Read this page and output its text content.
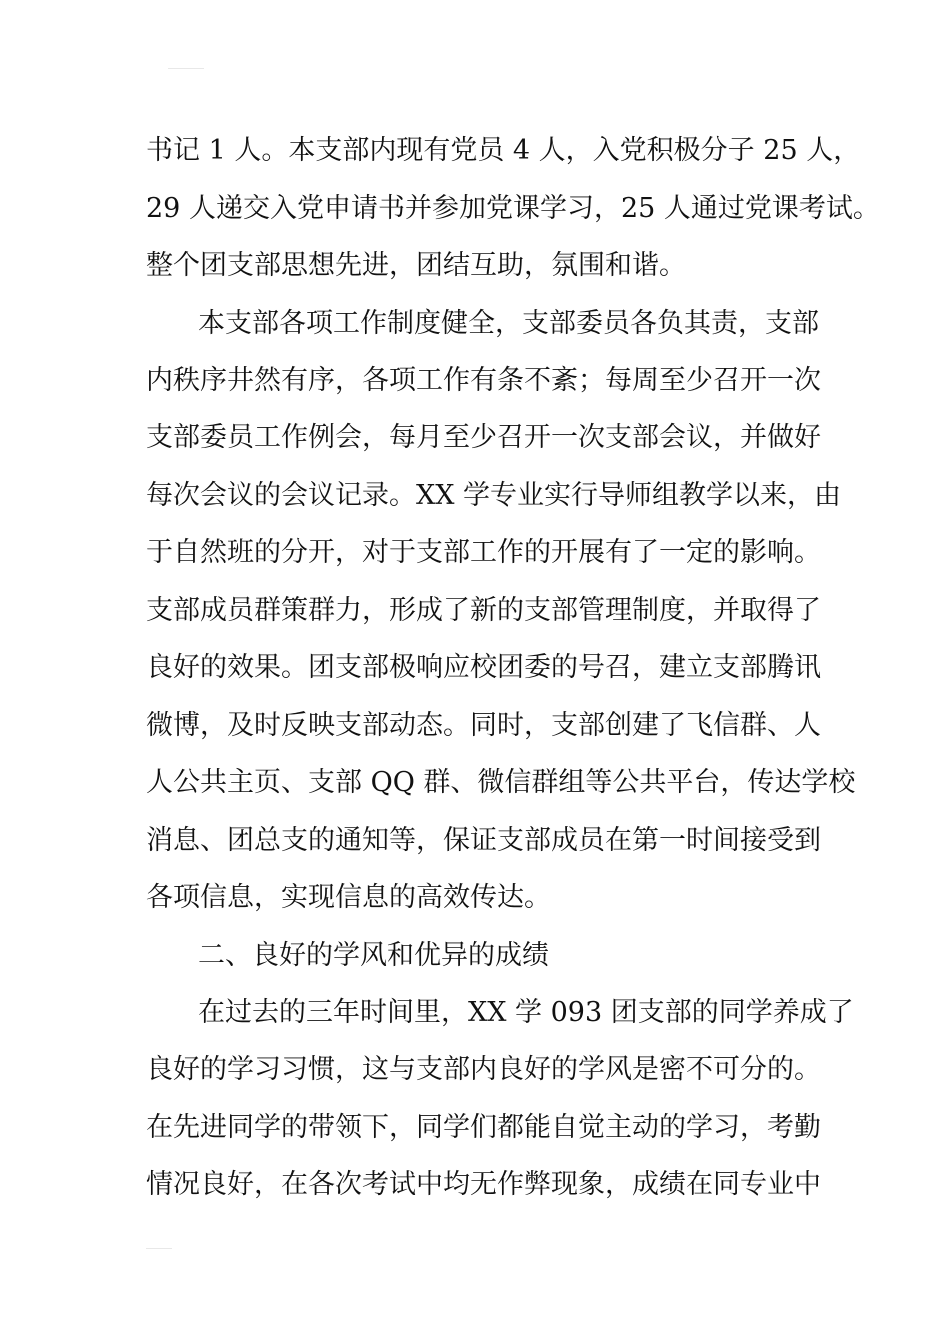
书记 1 人。本支部内现有党员 4 人，入党积极分子 25 人，
29 人递交入党申请书并参加党课学习，25 人通过党课考试。
整个团支部思想先进，团结互助，氛围和谐。
本支部各项工作制度健全，支部委员各负其责，支部
内秩序井然有序，各项工作有条不紊；每周至少召开一次
支部委员工作例会，每月至少召开一次支部会议，并做好
每次会议的会议记录。XX 学专业实行导师组教学以来，由
于自然班的分开，对于支部工作的开展有了一定的影响。
支部成员群策群力，形成了新的支部管理制度，并取得了
良好的效果。团支部极响应校团委的号召，建立支部腾讯
微博，及时反映支部动态。同时，支部创建了飞信群、人
人公共主页、支部 QQ 群、微信群组等公共平台，传达学校
消息、团总支的通知等，保证支部成员在第一时间接受到
各项信息，实现信息的高效传达。
二、良好的学风和优异的成绩
在过去的三年时间里，XX 学 093 团支部的同学养成了
良好的学习习惯，这与支部内良好的学风是密不可分的。
在先进同学的带领下，同学们都能自觉主动的学习，考勤
情况良好，在各次考试中均无作弊现象，成绩在同专业中
